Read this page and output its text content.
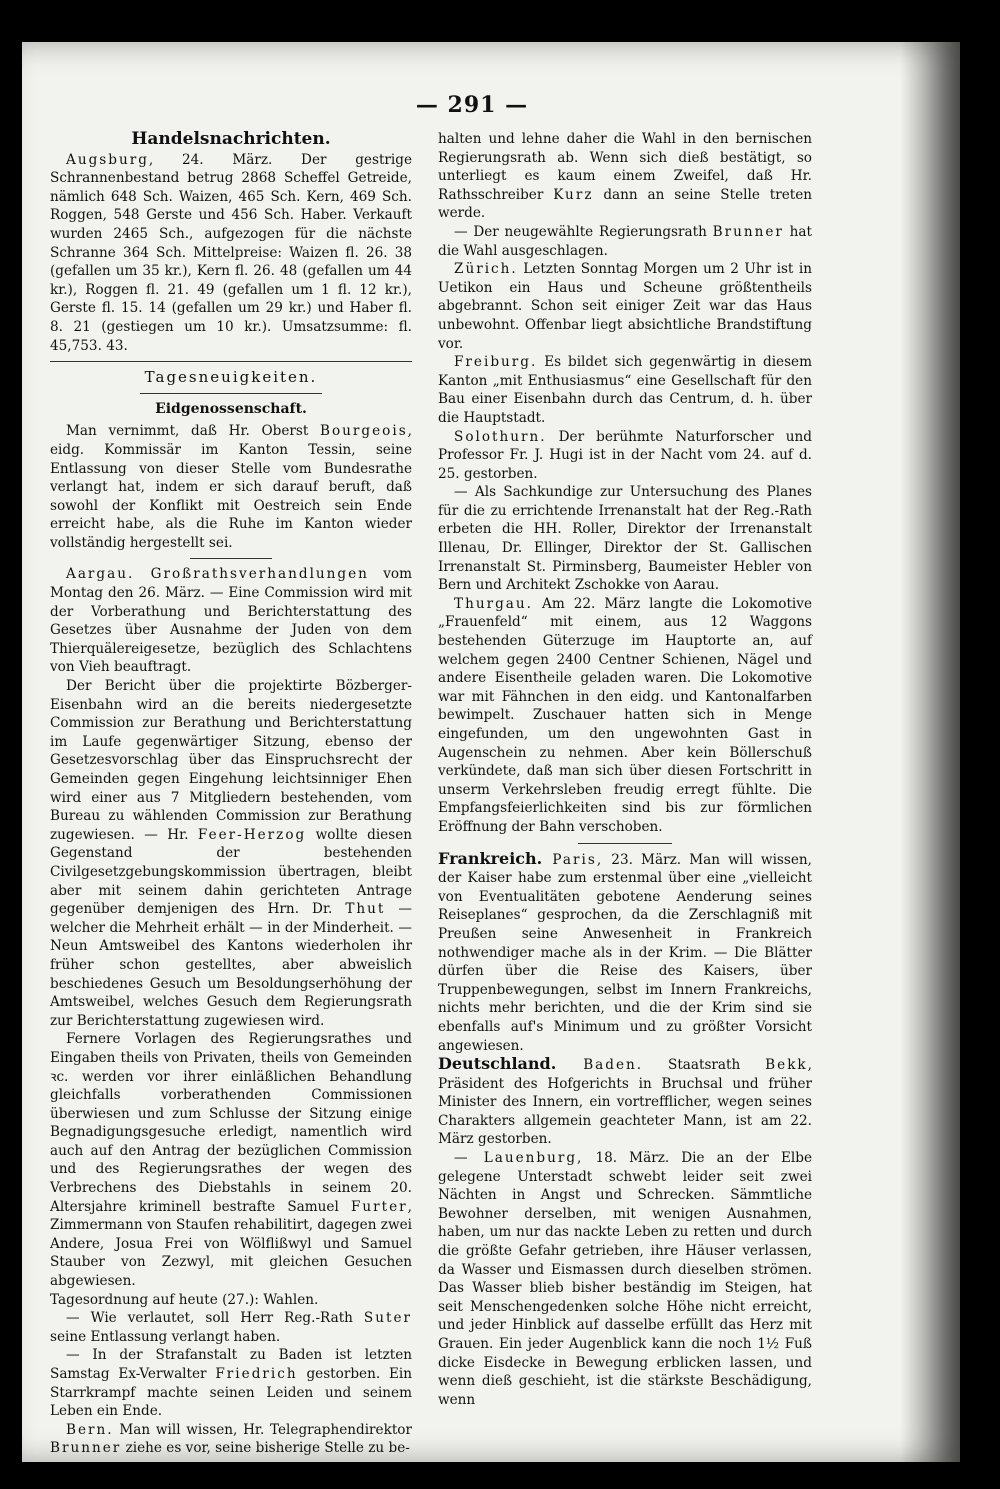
— 291 —
Handelsnachrichten.

Augsburg, 24. März. Der gestrige Schrannenbestand betrug 2868 Scheffel Getreide, nämlich 648 Sch. Waizen, 465 Sch. Kern, 469 Sch. Roggen, 548 Gerste und 456 Sch. Haber. Verkauft wurden 2465 Sch., aufgezogen für die nächste Schranne 364 Sch. Mittelpreise: Waizen fl. 26. 38 (gefallen um 35 kr.), Kern fl. 26. 48 (gefallen um 44 kr.), Roggen fl. 21. 49 (gefallen um 1 fl. 12 kr.), Gerste fl. 15. 14 (gefallen um 29 kr.) und Haber fl. 8. 21 (gestiegen um 10 kr.). Umsatzsumme: fl. 45,753. 43.

Tagesneuigkeiten.
Eidgenossenschaft.

Man vernimmt, daß Hr. Oberst Bourgeois, eidg. Kommissär im Kanton Tessin, seine Entlassung von dieser Stelle vom Bundesrathe verlangt hat, indem er sich darauf beruft, daß sowohl der Konflikt mit Oestreich sein Ende erreicht habe, als die Ruhe im Kanton wieder vollständig hergestellt sei.

Aargau. Großrathsverhandlungen vom Montag den 26. März. — Eine Commission wird mit der Vorberathung und Berichterstattung des Gesetzes über Ausnahme der Juden von dem Thierquälereigesetze, bezüglich des Schlachtens von Vieh beauftragt.

Der Bericht über die projektirte Bözberger-Eisenbahn wird an die bereits niedergesetzte Commission zur Berathung und Berichterstattung im Laufe gegenwärtiger Sitzung, ebenso der Gesetzesvorschlag über das Einspruchsrecht der Gemeinden gegen Eingehung leichtsinniger Ehen wird einer aus 7 Mitgliedern bestehenden, vom Bureau zu wählenden Commission zur Berathung zugewiesen. — Hr. Feer-Herzog wollte diesen Gegenstand der bestehenden Civilgesetzgebungskommission übertragen, bleibt aber mit seinem dahin gerichteten Antrage gegenüber demjenigen des Hrn. Dr. Thut — welcher die Mehrheit erhält — in der Minderheit. — Neun Amtsweibel des Kantons wiederholen ihr früher schon gestelltes, aber abweislich beschiedenes Gesuch um Besoldungserhöhung der Amtsweibel, welches Gesuch dem Regierungsrath zur Berichterstattung zugewiesen wird.

Fernere Vorlagen des Regierungsrathes und Eingaben theils von Privaten, theils von Gemeinden ꝛc. werden vor ihrer einläßlichen Behandlung gleichfalls vorberathenden Commissionen überwiesen und zum Schlusse der Sitzung einige Begnadigungsgesuche erledigt, namentlich wird auch auf den Antrag der bezüglichen Commission und des Regierungsrathes der wegen des Verbrechens des Diebstahls in seinem 20. Altersjahre kriminell bestrafte Samuel Furter, Zimmermann von Staufen rehabilitirt, dagegen zwei Andere, Josua Frei von Wölflißwyl und Samuel Stauber von Zezwyl, mit gleichen Gesuchen abgewiesen.

Tagesordnung auf heute (27.): Wahlen.

— Wie verlautet, soll Herr Reg.-Rath Suter seine Entlassung verlangt haben.

— In der Strafanstalt zu Baden ist letzten Samstag Ex-Verwalter Friedrich gestorben. Ein Starrkrampf machte seinen Leiden und seinem Leben ein Ende.

Bern. Man will wissen, Hr. Telegraphendirektor Brunner ziehe es vor, seine bisherige Stelle zu be-

halten und lehne daher die Wahl in den bernischen Regierungsrath ab. Wenn sich dieß bestätigt, so unterliegt es kaum einem Zweifel, daß Hr. Rathsschreiber Kurz dann an seine Stelle treten werde.

— Der neugewählte Regierungsrath Brunner hat die Wahl ausgeschlagen.

Zürich. Letzten Sonntag Morgen um 2 Uhr ist in Uetikon ein Haus und Scheune größtentheils abgebrannt. Schon seit einiger Zeit war das Haus unbewohnt. Offenbar liegt absichtliche Brandstiftung vor.

Freiburg. Es bildet sich gegenwärtig in diesem Kanton „mit Enthusiasmus“ eine Gesellschaft für den Bau einer Eisenbahn durch das Centrum, d. h. über die Hauptstadt.

Solothurn. Der berühmte Naturforscher und Professor Fr. J. Hugi ist in der Nacht vom 24. auf d. 25. gestorben.

— Als Sachkundige zur Untersuchung des Planes für die zu errichtende Irrenanstalt hat der Reg.-Rath erbeten die HH. Roller, Direktor der Irrenanstalt Illenau, Dr. Ellinger, Direktor der St. Gallischen Irrenanstalt St. Pirminsberg, Baumeister Hebler von Bern und Architekt Zschokke von Aarau.

Thurgau. Am 22. März langte die Lokomotive „Frauenfeld“ mit einem, aus 12 Waggons bestehenden Güterzuge im Hauptorte an, auf welchem gegen 2400 Centner Schienen, Nägel und andere Eisentheile geladen waren. Die Lokomotive war mit Fähnchen in den eidg. und Kantonalfarben bewimpelt. Zuschauer hatten sich in Menge eingefunden, um den ungewohnten Gast in Augenschein zu nehmen. Aber kein Böllerschuß verkündete, daß man sich über diesen Fortschritt in unserm Verkehrsleben freudig erregt fühlte. Die Empfangsfeierlichkeiten sind bis zur förmlichen Eröffnung der Bahn verschoben.

Frankreich. Paris, 23. März. Man will wissen, der Kaiser habe zum erstenmal über eine „vielleicht von Eventualitäten gebotene Aenderung seines Reiseplanes“ gesprochen, da die Zerschlagniß mit Preußen seine Anwesenheit in Frankreich nothwendiger mache als in der Krim. — Die Blätter dürfen über die Reise des Kaisers, über Truppenbewegungen, selbst im Innern Frankreichs, nichts mehr berichten, und die der Krim sind sie ebenfalls auf's Minimum und zu größter Vorsicht angewiesen.

Deutschland. Baden. Staatsrath Bekk, Präsident des Hofgerichts in Bruchsal und früher Minister des Innern, ein vortrefflicher, wegen seines Charakters allgemein geachteter Mann, ist am 22. März gestorben.

— Lauenburg, 18. März. Die an der Elbe gelegene Unterstadt schwebt leider seit zwei Nächten in Angst und Schrecken. Sämmtliche Bewohner derselben, mit wenigen Ausnahmen, haben, um nur das nackte Leben zu retten und durch die größte Gefahr getrieben, ihre Häuser verlassen, da Wasser und Eismassen durch dieselben strömen. Das Wasser blieb bisher beständig im Steigen, hat seit Menschengedenken solche Höhe nicht erreicht, und jeder Hinblick auf dasselbe erfüllt das Herz mit Grauen. Ein jeder Augenblick kann die noch 1½ Fuß dicke Eisdecke in Bewegung erblicken lassen, und wenn dieß geschieht, ist die stärkste Beschädigung, wenn
